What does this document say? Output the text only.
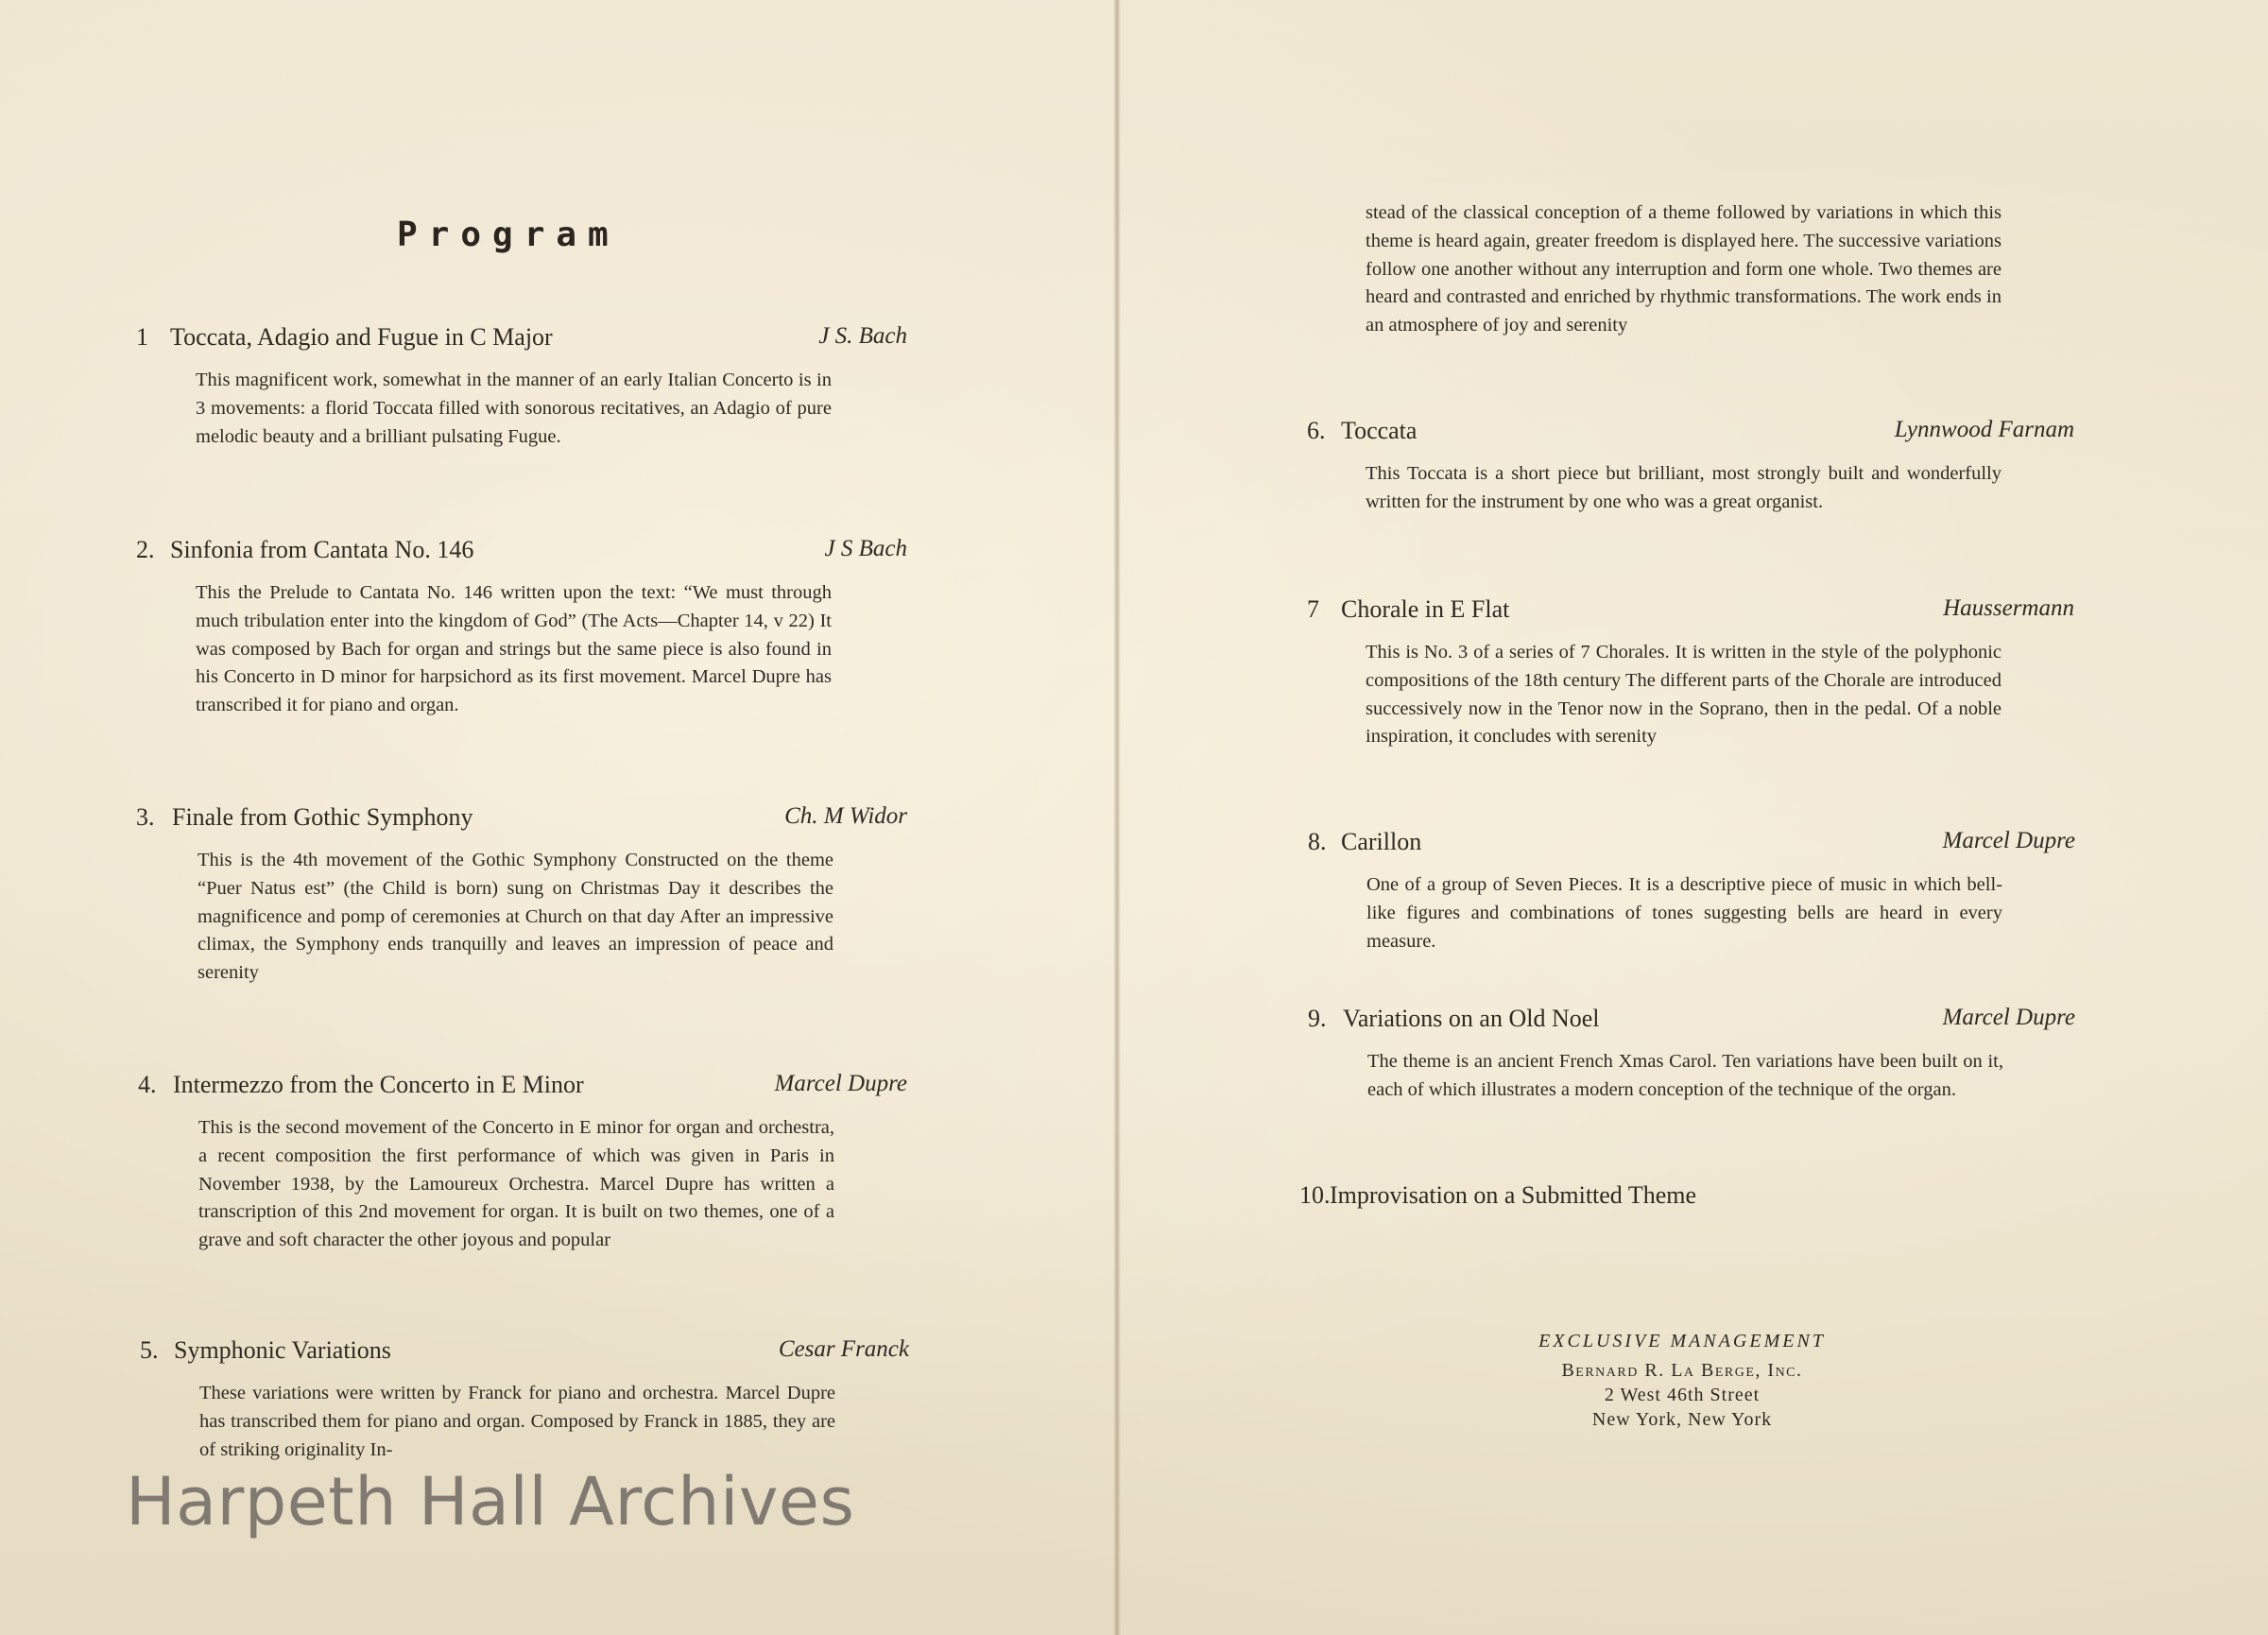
Program
1 Toccata, Adagio and Fugue in C Major	J S. Bach

This magnificent work, somewhat in the manner of an early Italian Concerto is in 3 movements: a florid Toccata filled with sonorous recitatives, an Adagio of pure melodic beauty and a brilliant pulsating Fugue.

2. Sinfonia from Cantata No. 146	J S Bach

This the Prelude to Cantata No. 146 written upon the text: “We must through much tribulation enter into the kingdom of God” (The Acts—Chapter 14, v 22) It was composed by Bach for organ and strings but the same piece is also found in his Concerto in D minor for harpsichord as its first movement. Marcel Dupre has transcribed it for piano and organ.

3. Finale from Gothic Symphony	Ch. M Widor

This is the 4th movement of the Gothic Symphony Constructed on the theme “Puer Natus est” (the Child is born) sung on Christmas Day it describes the magnificence and pomp of ceremonies at Church on that day After an impressive climax, the Symphony ends tranquilly and leaves an impression of peace and serenity

4. Intermezzo from the Concerto in E Minor	Marcel Dupre

This is the second movement of the Concerto in E minor for organ and orchestra, a recent composition the first performance of which was given in Paris in November 1938, by the Lamoureux Orchestra. Marcel Dupre has written a transcription of this 2nd movement for organ. It is built on two themes, one of a grave and soft character the other joyous and popular

5. Symphonic Variations	Cesar Franck

These variations were written by Franck for piano and orchestra. Marcel Dupre has transcribed them for piano and organ. Composed by Franck in 1885, they are of striking originality In-

Harpeth Hall Archives

stead of the classical conception of a theme followed by variations in which this theme is heard again, greater freedom is displayed here. The successive variations follow one another without any interruption and form one whole. Two themes are heard and contrasted and enriched by rhythmic transformations. The work ends in an atmosphere of joy and serenity

6. Toccata	Lynnwood Farnam

This Toccata is a short piece but brilliant, most strongly built and wonderfully written for the instrument by one who was a great organist.

7 Chorale in E Flat	Haussermann

This is No. 3 of a series of 7 Chorales. It is written in the style of the polyphonic compositions of the 18th century The different parts of the Chorale are introduced successively now in the Tenor now in the Soprano, then in the pedal. Of a noble inspiration, it concludes with serenity

8. Carillon	Marcel Dupre

One of a group of Seven Pieces. It is a descriptive piece of music in which bell-like figures and combinations of tones suggesting bells are heard in every measure.

9. Variations on an Old Noel	Marcel Dupre

The theme is an ancient French Xmas Carol. Ten variations have been built on it, each of which illustrates a modern conception of the technique of the organ.

10. Improvisation on a Submitted Theme
EXCLUSIVE MANAGEMENT
Bernard R. La Berge, Inc.
2 West 46th Street
New York, New York
